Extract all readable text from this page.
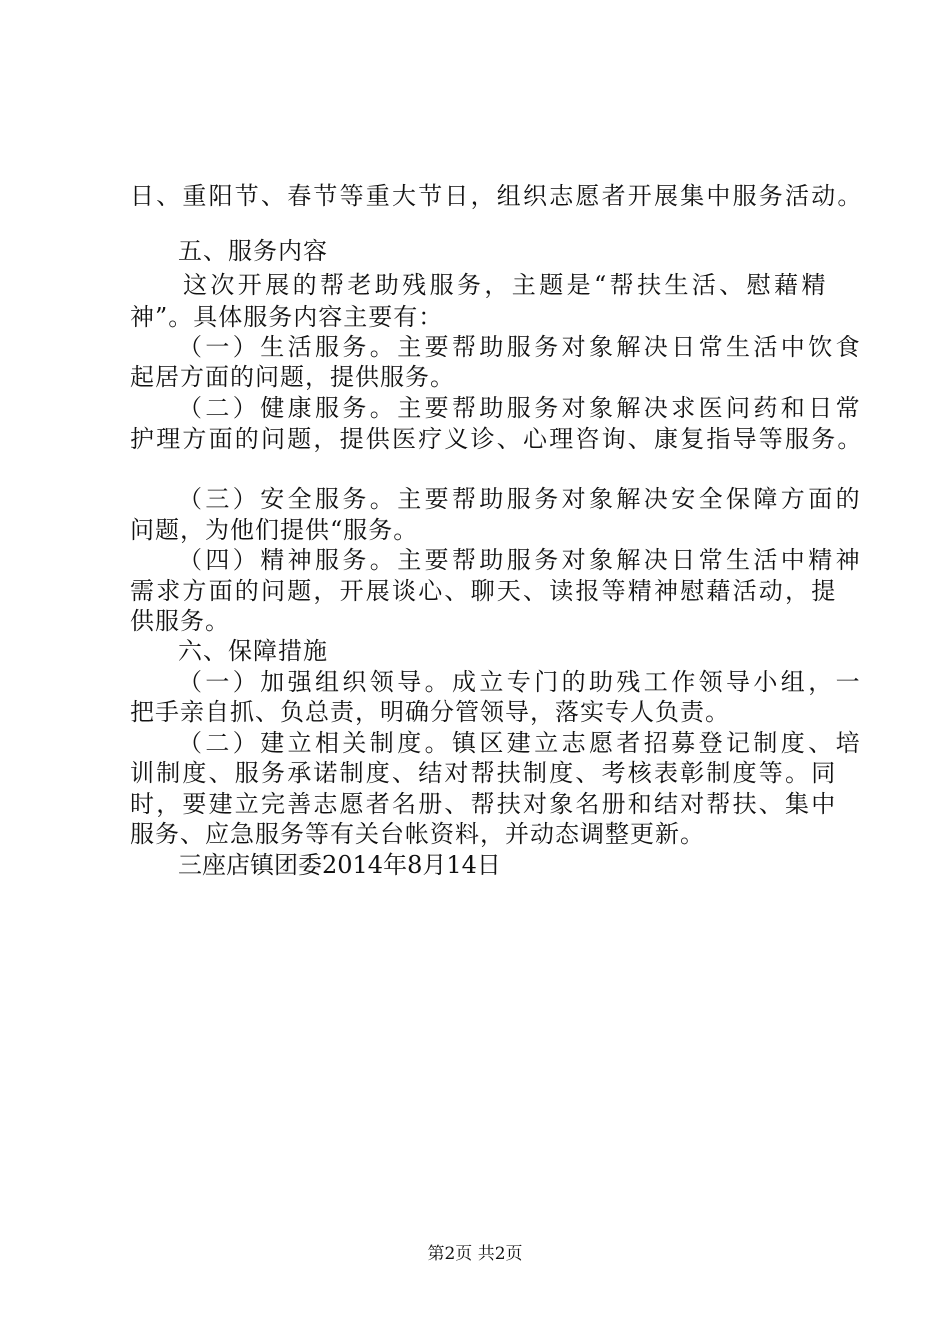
日、重阳节、春节等重大节日，组织志愿者开展集中服务活动。
五、服务内容
这次开展的帮老助残服务，主题是“帮扶生活、慰藉精
神”。具体服务内容主要有：
（一）生活服务。主要帮助服务对象解决日常生活中饮食
起居方面的问题，提供服务。
（二）健康服务。主要帮助服务对象解决求医问药和日常
护理方面的问题，提供医疗义诊、心理咨询、康复指导等服务。
（三）安全服务。主要帮助服务对象解决安全保障方面的
问题，为他们提供“服务。
（四）精神服务。主要帮助服务对象解决日常生活中精神
需求方面的问题，开展谈心、聊天、读报等精神慰藉活动，提
供服务。
六、保障措施
（一）加强组织领导。成立专门的助残工作领导小组，一
把手亲自抓、负总责，明确分管领导，落实专人负责。
（二）建立相关制度。镇区建立志愿者招募登记制度、培
训制度、服务承诺制度、结对帮扶制度、考核表彰制度等。同
时，要建立完善志愿者名册、帮扶对象名册和结对帮扶、集中
服务、应急服务等有关台帐资料，并动态调整更新。
三座店镇团委2014年8月14日
第2页 共2页
